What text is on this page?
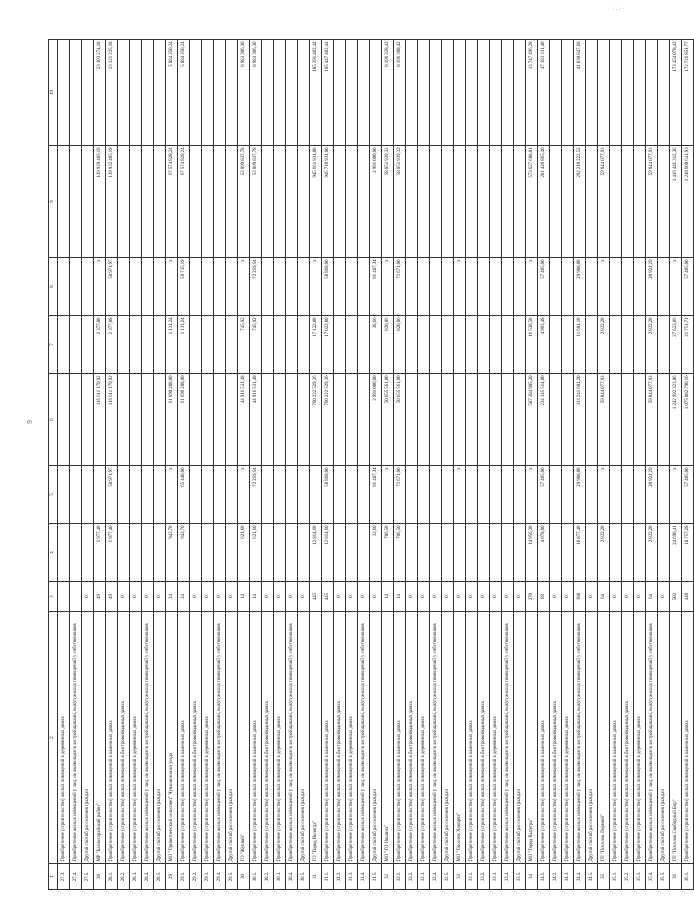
· . . ·
9
1	2	3	4	5	6	7	8	9	19
27.3.	Приобретение (строительство) жилых помещений в деревянных домах								
27.4.	Приобретение жилых помещений у лиц, не являющихся застройщиками, выкуп жилых помещений у собственников								
27.5.	Другой способ расселения граждан	0							
28	МР "Бахчисарайский район"	49	1 977,40		116 611 179,92	2 377,88	x	139 939 405,19	23 103 274,18
28.1.	Приобретение (строительство) жилых помещений в каменных домах	49	1 977,40	58 971,97	116 611 179,92	2 377,88	58 971,97	139 932 405,19	23 121 225,18
28.2.	Приобретение (строительство) жилых помещений в быстровозводимых домах	0							
28.3.	Приобретение (строительство) жилых помещений в деревянных домах	0							
28.4.	Приобретение жилых помещений у лиц, не являющихся застройщиками, выкуп жилых помещений у собственников	0							
28.5.	Другой способ расселения граждан	0							
29	МО "Приветненский сельсовет" Чувашинского уезда	24	942,70	x	61 690 288,00	1 131,24	x	67 574 828,24	5 884 350,24
29.1.	Приобретение (строительство) жилых помещений в каменных домах	24	942,70	65 440,00	61 690 288,00	1 131,24	59 735,19	67 574 828,24	5 884 350,24
29.2.	Приобретение (строительство) жилых помещений в быстровозводимых домах	0							
29.3.	Приобретение (строительство) жилых помещений в деревянных домах	0							
29.4.	Приобретение жилых помещений у лиц, не являющихся застройщиками, выкуп жилых помещений у собственников	0							
29.5.	Другой способ расселения граждан	0							
30	ГО "Жуквий"	14	621,60	x	44 916 531,48	745,92	x	53 899 837,78	8 983 306,30
30.1.	Приобретение (строительство) жилых помещений в каменных домах	14	621,60	72 259,54	44 916 531,48	745,92	72 259,54	53 899 837,78	8 983 306,30
30.2.	Приобретение (строительство) жилых помещений в быстровозводимых домах	0							
30.3.	Приобретение (строительство) жилых помещений в деревянных домах	0							
30.4.	Приобретение жилых помещений у лиц, не являющихся застройщиками, выкуп жилых помещений у собственников	0							
30.5.	Другой способ расселения граждан	0							
31	ГО "Город Вологда"	445	12 814,60		760 222 529,36	17 122,80	x	945 661 931,80	185 391 402,44
31.1.	Приобретение (строительство) жилых помещений в каменных домах	445	12 814,60	58 868,00	760 222 529,36	17 022,80	58 868,00	945 710 931,80	185 447 402,44
31.2.	Приобретение (строительство) жилых помещений в быстровозводимых домах	0							
31.3.	Приобретение (строительство) жилых помещений в деревянных домах	0							
31.4.	Приобретение жилых помещений у лиц, не являющихся застройщиками, выкуп жилых помещений у собственников	0							
31.5.	Другой способ расселения граждан	0	32,60	91 487,34	2 991 000,00	38,66	91 487,34	2 991 000,00	
32	МО "ГО Якшина"	14	706,50	x	50 655 561,00	820,86	x	58 851 939,32	8 196 328,42
32.1.	Приобретение (строительство) жилых помещений в каменных домах	14	706,50	71 671,00	50 655 561,00	820,86	71 671,00	58 851 939,32	8 196 388,42
32.2.	Приобретение (строительство) жилых помещений в быстровозводимых домах	0							
32.3.	Приобретение (строительство) жилых помещений в деревянных домах	0							
32.4.	Приобретение жилых помещений у лиц, не являющихся застройщиками, выкуп жилых помещений у собственников	0							
32.5.	Другой способ расселения граждан	0							
33	МО "Поселок Хамарча"	0		x			x		
33.1.	Приобретение (строительство) жилых помещений в каменных домах	0							
33.2.	Приобретение (строительство) жилых помещений в быстровозводимых домах	0							
33.3.	Приобретение (строительство) жилых помещений в деревянных домах	0							
33.4.	Приобретение жилых помещений у лиц, не являющихся застройщиками, выкуп жилых помещений у собственников	0							
33.5.	Другой способ расселения граждан	0							
34	МО "Город Вытегра"	270	14 956,20	x	587 384 985,20	16 530,58	x	573 627 688,01	13 747 496,28
34.1.	Приобретение (строительство) жилых помещений в каменных домах	89	4 078,80	57 405,00	234 145 514,00	4 903,48	57 405,00	281 420 865,40	47 183 331,40
34.2.	Приобретение (строительство) жилых помещений в быстровозводимых домах	0							
34.3.	Приобретение (строительство) жилых помещений в деревянных домах	0							
34.4.	Приобретение жилых помещений у лиц, не являющихся застройщиками, выкуп жилых помещений у собственников	188	10 877,40	29 908,00	333 241 601,20	11 681,10	29 908,00	292 210 222,52	41 030 847,68
34.5.	Другой способ расселения граждан	0							
35	ГП "Поселок Ледяной"	64	2 832,20	x	59 844 077,93	2 832,20	x	59 844 077,93	
35.1.	Приобретение (строительство) жилых помещений в каменных домах	0							
35.2.	Приобретение (строительство) жилых помещений в быстровозводимых домах	0							
35.3.	Приобретение (строительство) жилых помещений в деревянных домах	0							
35.4.	Приобретение жилых помещений у лиц, не являющихся застройщиками, выкуп жилых помещений у собственников	64	2 832,20	20 921,29	59 844 077,93	2 832,20	20 921,29	59 844 077,93	
35.5.	Другой способ расселения граждан	0							
36	ГП "Поселок Свободный Бор"	502	24 690,41	x	1 242 992 323,86	27 623,06	x	1 416 446 312,36	173 454 078,42
36.1.	Приобретение (строительство) жилых помещений в каменных домах	448	18 757,28	57 405,00	1 075 882 790,16	21 751,71	57 405,00	1 248 608 641,93	172 726 851,77
